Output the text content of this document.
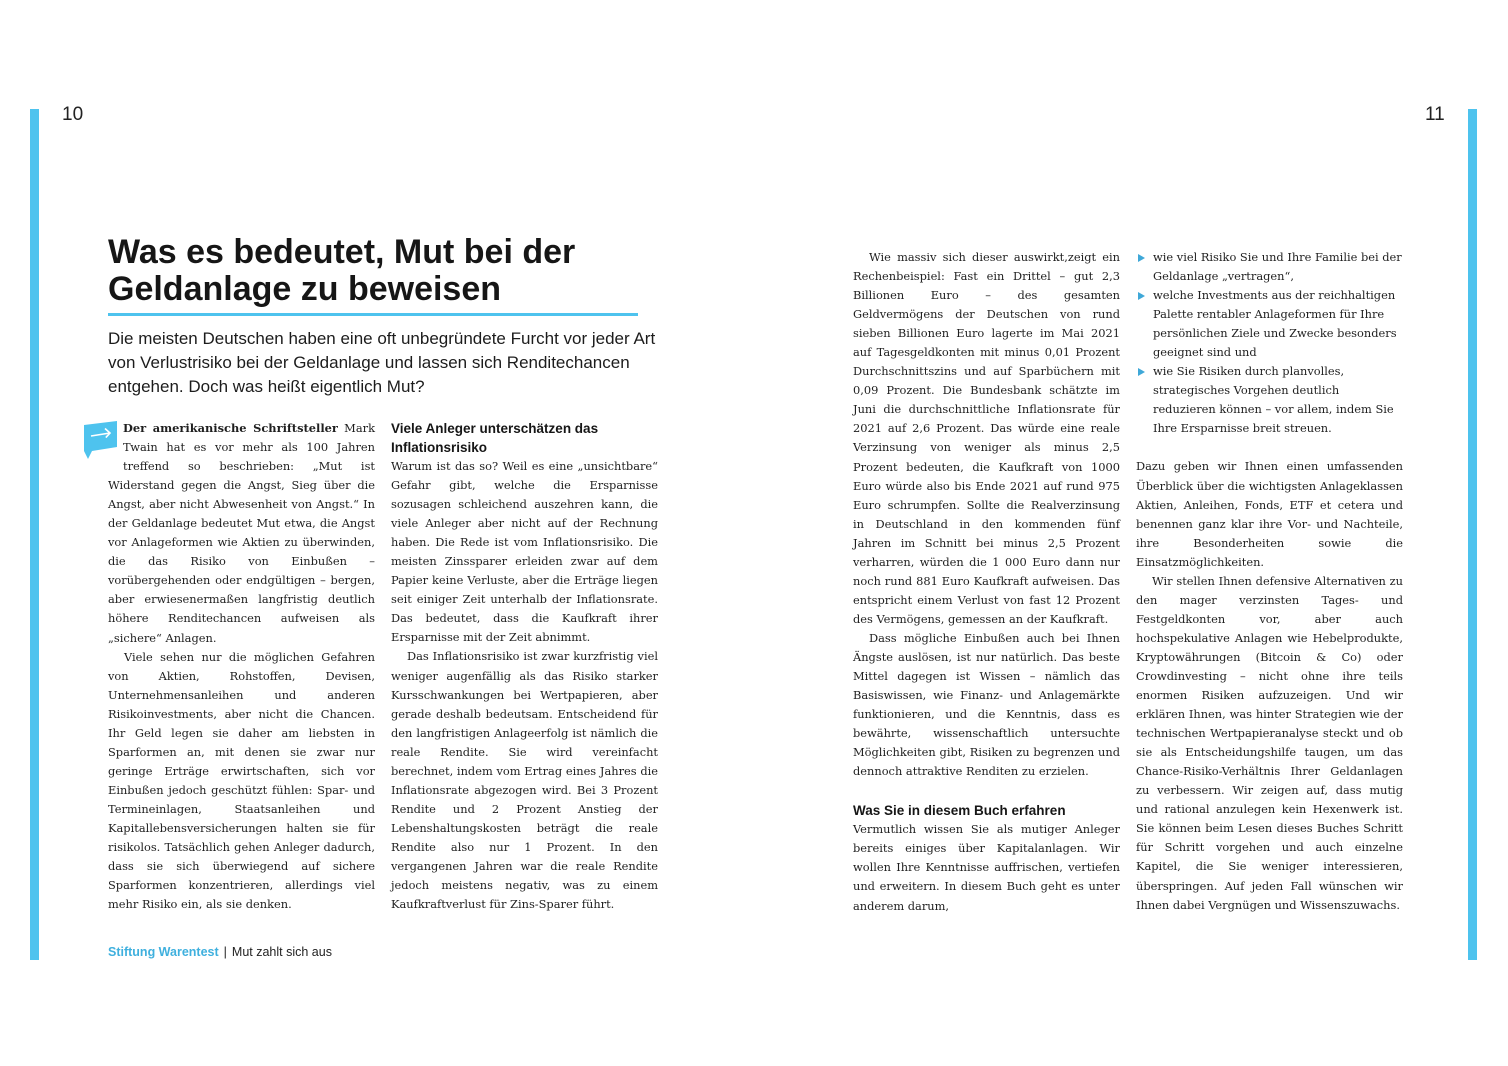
10	11
Was es bedeutet, Mut bei der
Geldanlage zu beweisen

Die meisten Deutschen haben eine oft unbegründete Furcht vor jeder Art von Verlustrisiko bei der Geldanlage und lassen sich Renditechancen entgehen. Doch was heißt eigentlich Mut?

Der amerikanische Schriftsteller Mark Twain hat es vor mehr als 100 Jahren treffend so beschrieben: „Mut ist Widerstand gegen die Angst, Sieg über die Angst, aber nicht Abwesenheit von Angst.“ In der Geldanlage bedeutet Mut etwa, die Angst vor Anlageformen wie Aktien zu überwinden, die das Risiko von Einbußen – vorübergehenden oder endgültigen – bergen, aber erwiesenermaßen langfristig deutlich höhere Renditechancen aufweisen als „sichere“ Anlagen.

Viele sehen nur die möglichen Gefahren von Aktien, Rohstoffen, Devisen, Unternehmensanleihen und anderen Risikoinvestments, aber nicht die Chancen. Ihr Geld legen sie daher am liebsten in Sparformen an, mit denen sie zwar nur geringe Erträge erwirtschaften, sich vor Einbußen jedoch geschützt fühlen: Spar- und Termineinlagen, Staatsanleihen und Kapitallebensversicherungen halten sie für risikolos. Tatsächlich gehen Anleger dadurch, dass sie sich überwiegend auf sichere Sparformen konzentrieren, allerdings viel mehr Risiko ein, als sie denken.

Viele Anleger unterschätzen das Inflationsrisiko

Warum ist das so? Weil es eine „unsichtbare“ Gefahr gibt, welche die Ersparnisse sozusagen schleichend auszehren kann, die viele Anleger aber nicht auf der Rechnung haben. Die Rede ist vom Inflationsrisiko. Die meisten Zinssparer erleiden zwar auf dem Papier keine Verluste, aber die Erträge liegen seit einiger Zeit unterhalb der Inflationsrate. Das bedeutet, dass die Kaufkraft ihrer Ersparnisse mit der Zeit abnimmt.

Das Inflationsrisiko ist zwar kurzfristig viel weniger augenfällig als das Risiko starker Kursschwankungen bei Wertpapieren, aber gerade deshalb bedeutsam. Entscheidend für den langfristigen Anlageerfolg ist nämlich die reale Rendite. Sie wird vereinfacht berechnet, indem vom Ertrag eines Jahres die Inflationsrate abgezogen wird. Bei 3 Prozent Rendite und 2 Prozent Anstieg der Lebenshaltungskosten beträgt die reale Rendite also nur 1 Prozent. In den vergangenen Jahren war die reale Rendite jedoch meistens negativ, was zu einem Kaufkraftverlust für Zins-Sparer führt.

Wie massiv sich dieser auswirkt,zeigt ein Rechenbeispiel: Fast ein Drittel – gut 2,3 Billionen Euro – des gesamten Geldvermögens der Deutschen von rund sieben Billionen Euro lagerte im Mai 2021 auf Tagesgeldkonten mit minus 0,01 Prozent Durchschnittszins und auf Sparbüchern mit 0,09 Prozent. Die Bundesbank schätzte im Juni die durchschnittliche Inflationsrate für 2021 auf 2,6 Prozent. Das würde eine reale Verzinsung von weniger als minus 2,5 Prozent bedeuten, die Kaufkraft von 1000 Euro würde also bis Ende 2021 auf rund 975 Euro schrumpfen. Sollte die Realverzinsung in Deutschland in den kommenden fünf Jahren im Schnitt bei minus 2,5 Prozent verharren, würden die 1 000 Euro dann nur noch rund 881 Euro Kaufkraft aufweisen. Das entspricht einem Verlust von fast 12 Prozent des Vermögens, gemessen an der Kaufkraft.

Dass mögliche Einbußen auch bei Ihnen Ängste auslösen, ist nur natürlich. Das beste Mittel dagegen ist Wissen – nämlich das Basiswissen, wie Finanz- und Anlagemärkte funktionieren, und die Kenntnis, dass es bewährte, wissenschaftlich untersuchte Möglichkeiten gibt, Risiken zu begrenzen und dennoch attraktive Renditen zu erzielen.

Was Sie in diesem Buch erfahren

Vermutlich wissen Sie als mutiger Anleger bereits einiges über Kapitalanlagen. Wir wollen Ihre Kenntnisse auffrischen, vertiefen und erweitern. In diesem Buch geht es unter anderem darum,

wie viel Risiko Sie und Ihre Familie bei der Geldanlage „vertragen“,
welche Investments aus der reichhaltigen Palette rentabler Anlageformen für Ihre persönlichen Ziele und Zwecke besonders geeignet sind und
wie Sie Risiken durch planvolles, strategisches Vorgehen deutlich reduzieren können – vor allem, indem Sie Ihre Ersparnisse breit streuen.

Dazu geben wir Ihnen einen umfassenden Überblick über die wichtigsten Anlageklassen Aktien, Anleihen, Fonds, ETF et cetera und benennen ganz klar ihre Vor- und Nachteile, ihre Besonderheiten sowie die Einsatzmöglichkeiten.

Wir stellen Ihnen defensive Alternativen zu den mager verzinsten Tages- und Festgeldkonten vor, aber auch hochspekulative Anlagen wie Hebelprodukte, Kryptowährungen (Bitcoin & Co) oder Crowdinvesting – nicht ohne ihre teils enormen Risiken aufzuzeigen. Und wir erklären Ihnen, was hinter Strategien wie der technischen Wertpapieranalyse steckt und ob sie als Entscheidungshilfe taugen, um das Chance-Risiko-Verhältnis Ihrer Geldanlagen zu verbessern. Wir zeigen auf, dass mutig und rational anzulegen kein Hexenwerk ist. Sie können beim Lesen dieses Buches Schritt für Schritt vorgehen und auch einzelne Kapitel, die Sie weniger interessieren, überspringen. Auf jeden Fall wünschen wir Ihnen dabei Vergnügen und Wissenszuwachs.

Stiftung Warentest | Mut zahlt sich aus
